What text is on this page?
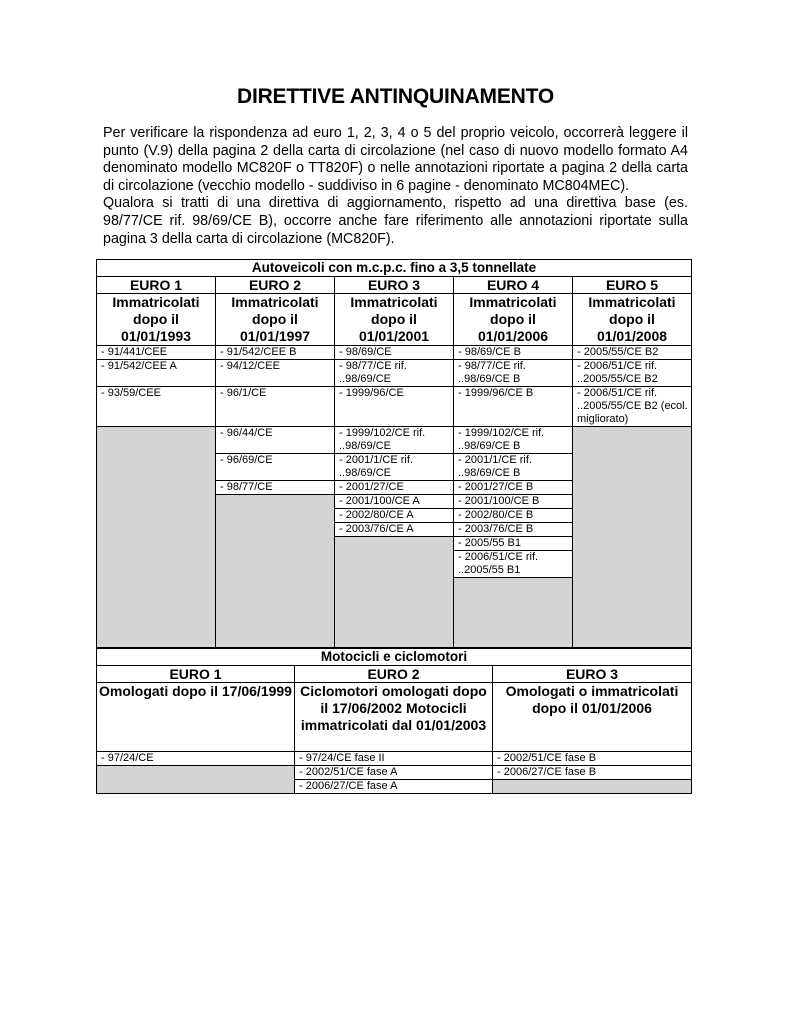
DIRETTIVE ANTINQUINAMENTO

Per verificare la rispondenza ad euro 1, 2, 3, 4 o 5 del proprio veicolo, occorrerà leggere il punto (V.9) della pagina 2 della carta di circolazione (nel caso di nuovo modello formato A4 denominato modello MC820F o TT820F) o nelle annotazioni riportate a pagina 2 della carta di circolazione (vecchio modello - suddiviso in 6 pagine - denominato MC804MEC).

Qualora si tratti di una direttiva di aggiornamento, rispetto ad una direttiva base (es. 98/77/CE rif. 98/69/CE B), occorre anche fare riferimento alle annotazioni riportate sulla pagina 3 della carta di circolazione (MC820F).

Autoveicoli con m.c.p.c. fino a 3,5 tonnellate				
EURO 1	EURO 2	EURO 3	EURO 4	EURO 5
Immatricolati dopo il 01/01/1993	Immatricolati dopo il 01/01/1997	Immatricolati dopo il 01/01/2001	Immatricolati dopo il 01/01/2006	Immatricolati dopo il 01/01/2008
- 91/441/CEE	- 91/542/CEE B	- 98/69/CE	- 98/69/CE B	- 2005/55/CE B2
- 91/542/CEE A	- 94/12/CEE	- 98/77/CE rif. ..98/69/CE	- 98/77/CE rif. ..98/69/CE B	- 2006/51/CE rif. ..2005/55/CE B2
- 93/59/CEE	- 96/1/CE	- 1999/96/CE	- 1999/96/CE B	- 2006/51/CE rif. ..2005/55/CE B2 (ecol. migliorato)
	- 96/44/CE	- 1999/102/CE rif. ..98/69/CE	- 1999/102/CE rif. ..98/69/CE B	
	- 96/69/CE	- 2001/1/CE rif. ..98/69/CE	- 2001/1/CE rif. ..98/69/CE B	
	- 98/77/CE	- 2001/27/CE	- 2001/27/CE B	
		- 2001/100/CE A	- 2001/100/CE B	
		- 2002/80/CE A	- 2002/80/CE B	
		- 2003/76/CE A	- 2003/76/CE B	
			- 2005/55 B1	
			- 2006/51/CE rif. ..2005/55 B1	

Motocicli e ciclomotori		
EURO 1	EURO 2	EURO 3
Omologati dopo il 17/06/1999	Ciclomotori omologati dopo il 17/06/2002 Motocicli immatricolati dal 01/01/2003	Omologati o immatricolati dopo il 01/01/2006
- 97/24/CE	- 97/24/CE fase II	- 2002/51/CE fase B
	- 2002/51/CE fase A	- 2006/27/CE fase B
	- 2006/27/CE fase A	
